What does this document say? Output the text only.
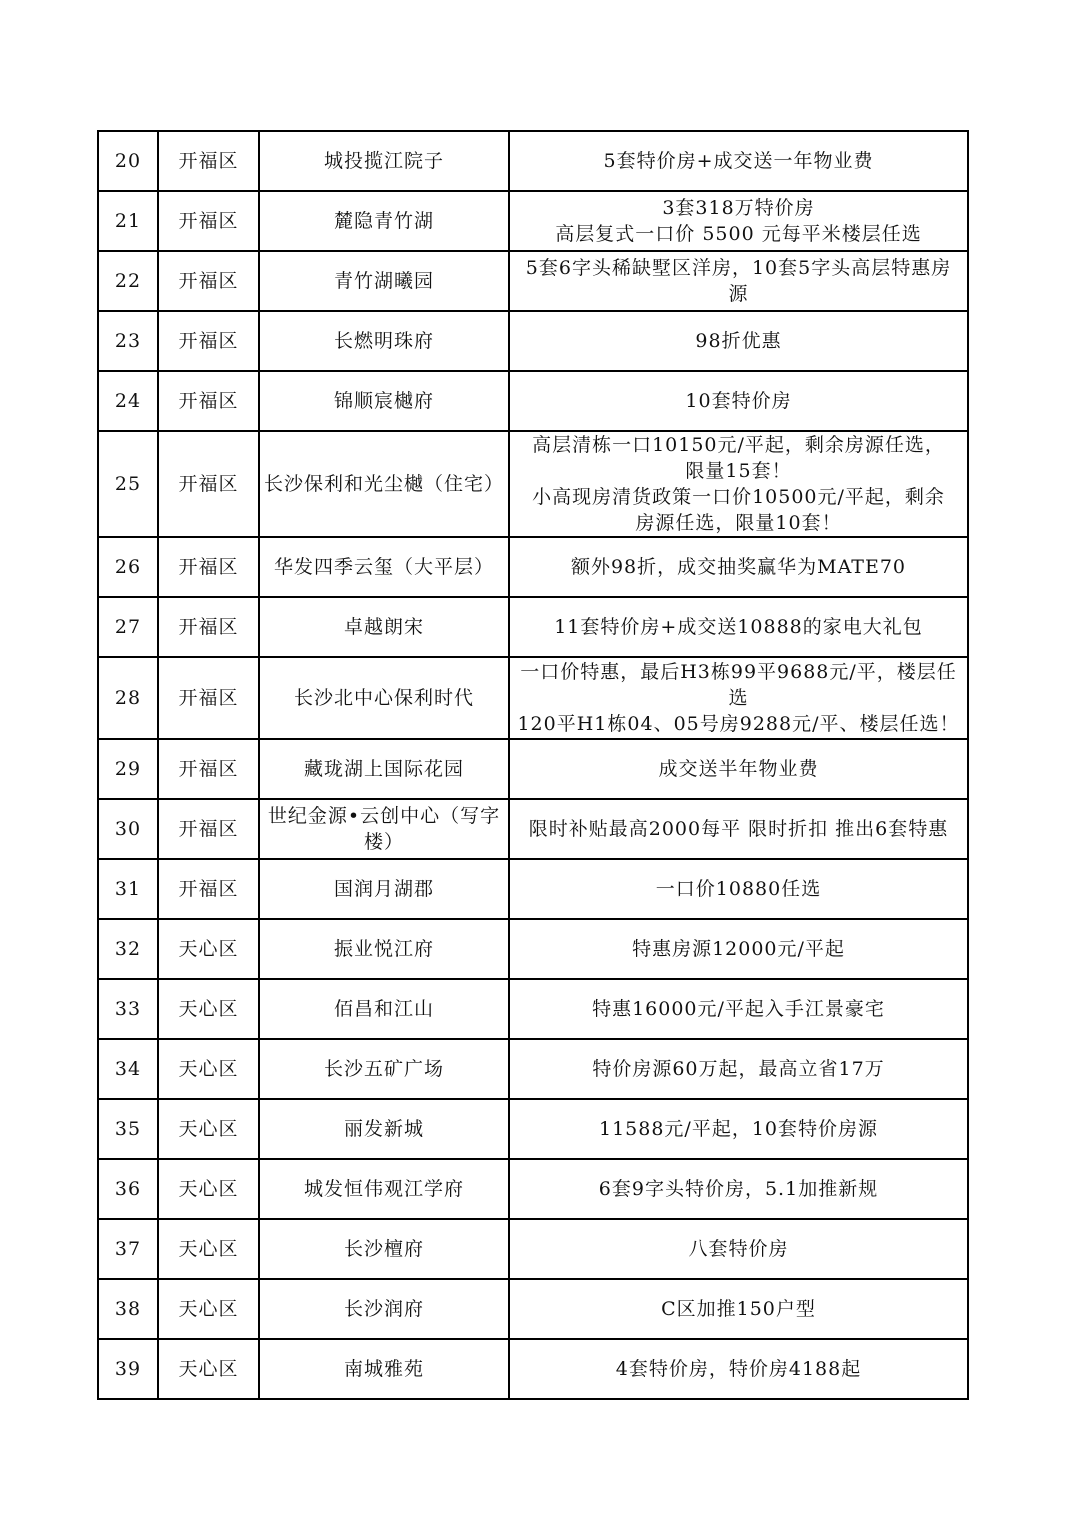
20	开福区	城投揽江院子	5套特价房+成交送一年物业费

21	开福区	麓隐青竹湖	3套318万特价房
高层复式一口价 5500 元每平米楼层任选

22	开福区	青竹湖曦园	5套6字头稀缺墅区洋房，10套5字头高层特惠房
源

23	开福区	长燃明珠府	98折优惠

24	开福区	锦顺宸樾府	10套特价房

25	开福区	长沙保利和光尘樾（住宅）	高层清栋一口10150元/平起，剩余房源任选，
限量15套！
小高现房清货政策一口价10500元/平起，剩余
房源任选，限量10套！

26	开福区	华发四季云玺（大平层）	额外98折，成交抽奖赢华为MATE70

27	开福区	卓越朗宋	11套特价房+成交送10888的家电大礼包

28	开福区	长沙北中心保利时代	一口价特惠，最后H3栋99平9688元/平，楼层任
选
120平H1栋04、05号房9288元/平、楼层任选！

29	开福区	藏珑湖上国际花园	成交送半年物业费

30	开福区	世纪金源•云创中心（写字楼）	限时补贴最高2000每平 限时折扣 推出6套特惠

31	开福区	国润月湖郡	一口价10880任选

32	天心区	振业悦江府	特惠房源12000元/平起

33	天心区	佰昌和江山	特惠16000元/平起入手江景豪宅

34	天心区	长沙五矿广场	特价房源60万起，最高立省17万

35	天心区	丽发新城	11588元/平起，10套特价房源

36	天心区	城发恒伟观江学府	6套9字头特价房，5.1加推新规

37	天心区	长沙檀府	八套特价房

38	天心区	长沙润府	C区加推150户型

39	天心区	南城雅苑	4套特价房，特价房4188起
